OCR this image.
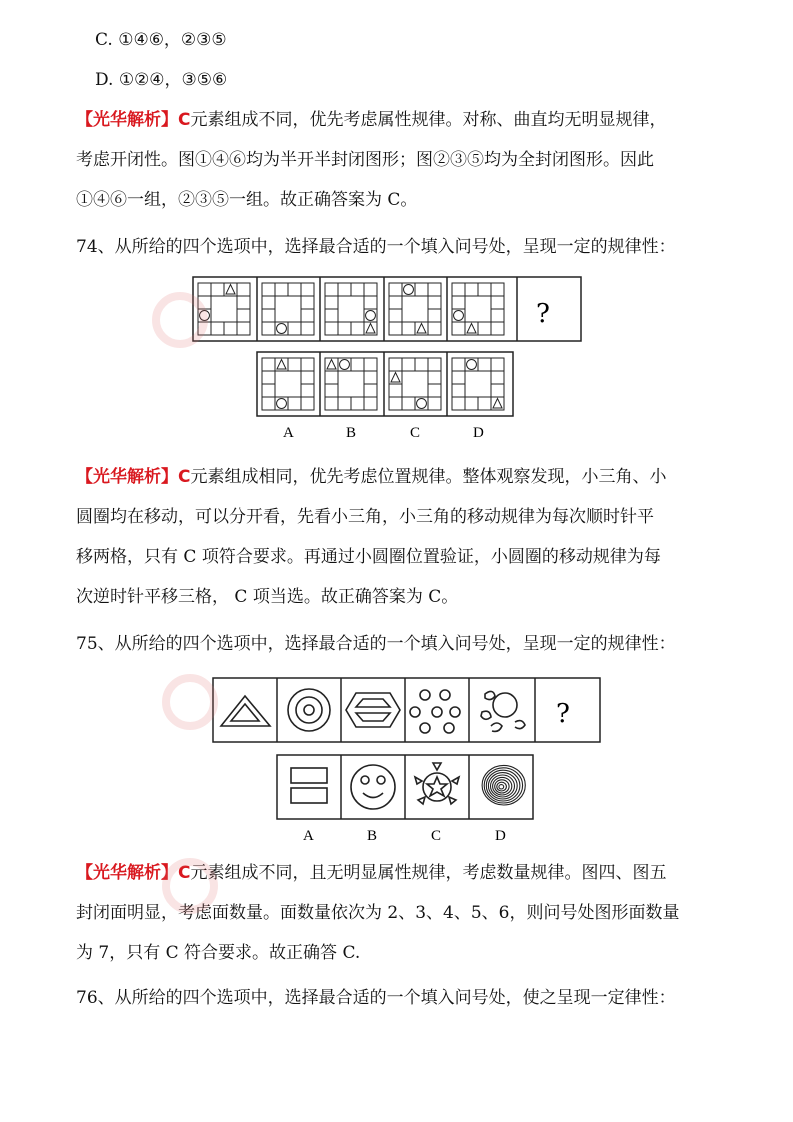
C. ①④⑥，②③⑤
D. ①②④，③⑤⑥
【光华解析】C元素组成不同，优先考虑属性规律。对称、曲直均无明显规律，
考虑开闭性。图①④⑥均为半开半封闭图形；图②③⑤均为全封闭图形。因此
①④⑥一组，②③⑤一组。故正确答案为 C。
74、从所给的四个选项中，选择最合适的一个填入问号处，呈现一定的规律性：
?
A	B	C	D
【光华解析】C元素组成相同，优先考虑位置规律。整体观察发现，小三角、小
圆圈均在移动，可以分开看，先看小三角，小三角的移动规律为每次顺时针平
移两格，只有 C 项符合要求。再通过小圆圈位置验证，小圆圈的移动规律为每
次逆时针平移三格， C 项当选。故正确答案为 C。
75、从所给的四个选项中，选择最合适的一个填入问号处，呈现一定的规律性：
?
A	B	C	D
【光华解析】C元素组成不同，且无明显属性规律，考虑数量规律。图四、图五
封闭面明显，考虑面数量。面数量依次为 2、3、4、5、6，则问号处图形面数量
为 7，只有 C 符合要求。故正确答 C.
76、从所给的四个选项中，选择最合适的一个填入问号处，使之呈现一定律性：
